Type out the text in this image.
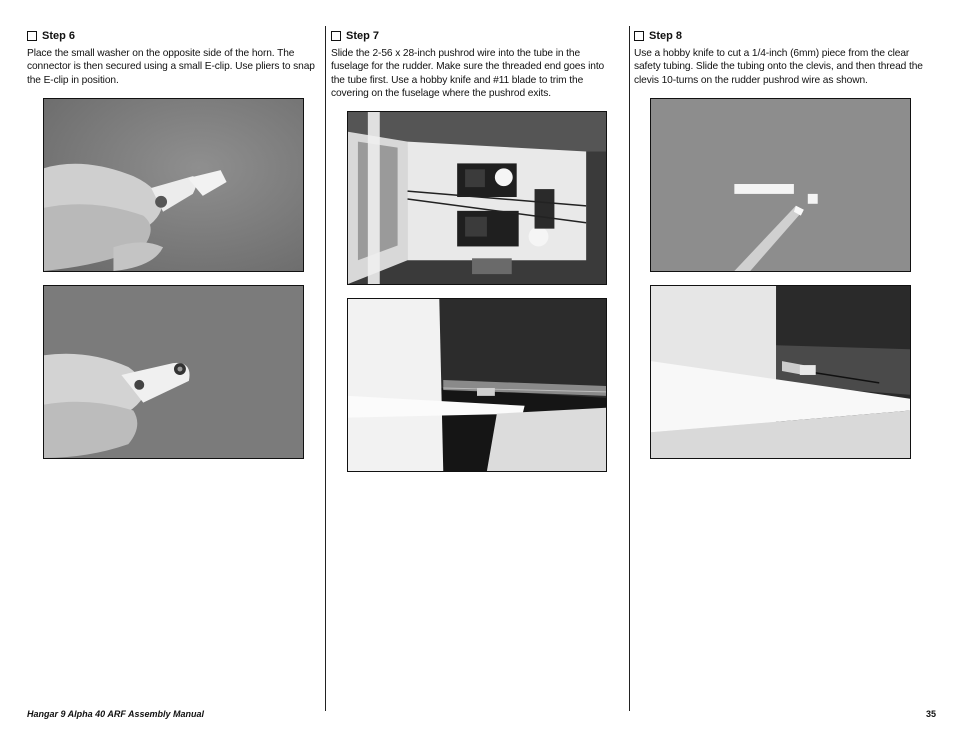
Step 6
Place the small washer on the opposite side of the horn. The connector is then secured using a small E-clip. Use pliers to snap the E-clip in position.
Step 7
Slide the 2-56 x 28-inch pushrod wire into the tube in the fuselage for the rudder. Make sure the threaded end goes into the tube first. Use a hobby knife and #11 blade to trim the covering on the fuselage where the pushrod exits.
Step 8
Use a hobby knife to cut a 1/4-inch (6mm) piece from the clear safety tubing. Slide the tubing onto the clevis, and then thread the clevis 10-turns on the rudder pushrod wire as shown.
Hangar 9 Alpha 40 ARF Assembly Manual	35
